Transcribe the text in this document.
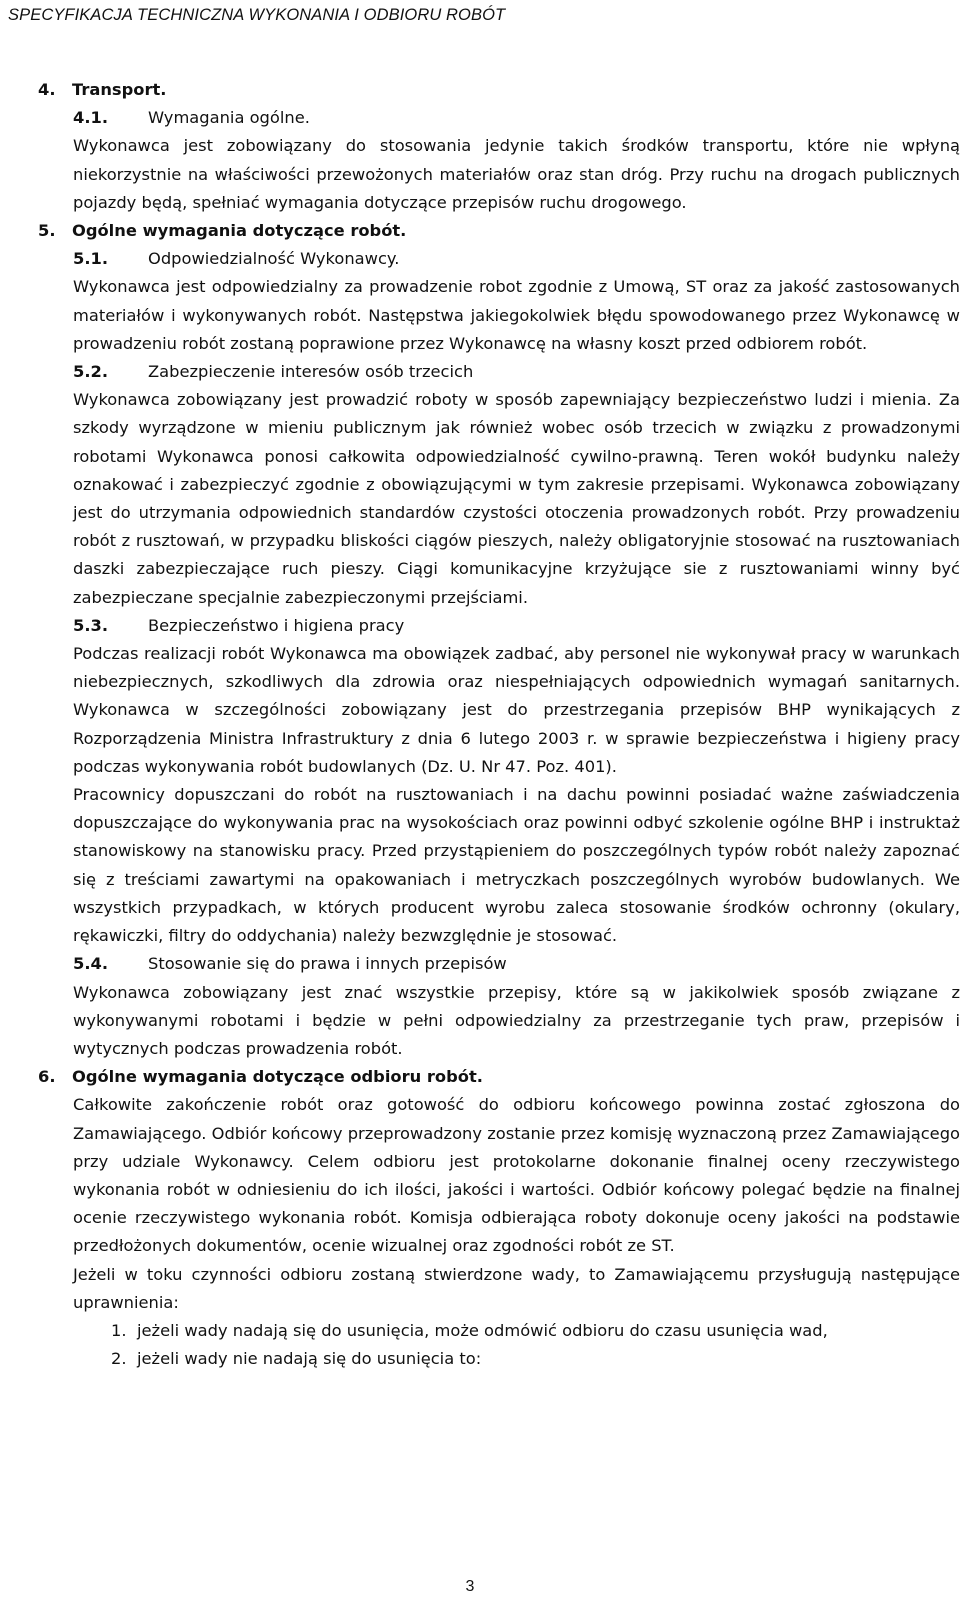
SPECYFIKACJA TECHNICZNA WYKONANIA I ODBIORU ROBÓT

4. Transport.

4.1. Wymagania ogólne.

Wykonawca jest zobowiązany do stosowania jedynie takich środków transportu, które nie wpłyną niekorzystnie na właściwości przewożonych materiałów oraz stan dróg. Przy ruchu na drogach publicznych pojazdy będą, spełniać wymagania dotyczące przepisów ruchu drogowego.

5. Ogólne wymagania dotyczące robót.

5.1. Odpowiedzialność Wykonawcy.

Wykonawca jest odpowiedzialny za prowadzenie robot zgodnie z Umową, ST oraz za jakość zastosowanych materiałów i wykonywanych robót. Następstwa jakiegokolwiek błędu spowodowanego przez Wykonawcę w prowadzeniu robót zostaną poprawione przez Wykonawcę na własny koszt przed odbiorem robót.

5.2. Zabezpieczenie interesów osób trzecich

Wykonawca zobowiązany jest prowadzić roboty w sposób zapewniający bezpieczeństwo ludzi i mienia. Za szkody wyrządzone w mieniu publicznym jak również wobec osób trzecich w związku z prowadzonymi robotami Wykonawca ponosi całkowita odpowiedzialność cywilno-prawną. Teren wokół budynku należy oznakować i zabezpieczyć zgodnie z obowiązującymi w tym zakresie przepisami. Wykonawca zobowiązany jest do utrzymania odpowiednich standardów czystości otoczenia prowadzonych robót. Przy prowadzeniu robót z rusztowań, w przypadku bliskości ciągów pieszych, należy obligatoryjnie stosować na rusztowaniach daszki zabezpieczające ruch pieszy. Ciągi komunikacyjne krzyżujące sie z rusztowaniami winny być zabezpieczane specjalnie zabezpieczonymi przejściami.

5.3. Bezpieczeństwo i higiena pracy

Podczas realizacji robót Wykonawca ma obowiązek zadbać, aby personel nie wykonywał pracy w warunkach niebezpiecznych, szkodliwych dla zdrowia oraz niespełniających odpowiednich wymagań sanitarnych. Wykonawca w szczególności zobowiązany jest do przestrzegania przepisów BHP wynikających z Rozporządzenia Ministra Infrastruktury z dnia 6 lutego 2003 r. w sprawie bezpieczeństwa i higieny pracy podczas wykonywania robót budowlanych (Dz. U. Nr 47. Poz. 401).

Pracownicy dopuszczani do robót na rusztowaniach i na dachu powinni posiadać ważne zaświadczenia dopuszczające do wykonywania prac na wysokościach oraz powinni odbyć szkolenie ogólne BHP i instruktaż stanowiskowy na stanowisku pracy. Przed przystąpieniem do poszczególnych typów robót należy zapoznać się z treściami zawartymi na opakowaniach i metryczkach poszczególnych wyrobów budowlanych. We wszystkich przypadkach, w których producent wyrobu zaleca stosowanie środków ochronny (okulary, rękawiczki, filtry do oddychania) należy bezwzględnie je stosować.

5.4. Stosowanie się do prawa i innych przepisów

Wykonawca zobowiązany jest znać wszystkie przepisy, które są w jakikolwiek sposób związane z wykonywanymi robotami i będzie w pełni odpowiedzialny za przestrzeganie tych praw, przepisów i wytycznych podczas prowadzenia robót.

6. Ogólne wymagania dotyczące odbioru robót.

Całkowite zakończenie robót oraz gotowość do odbioru końcowego powinna zostać zgłoszona do Zamawiającego. Odbiór końcowy przeprowadzony zostanie przez komisję wyznaczoną przez Zamawiającego przy udziale Wykonawcy. Celem odbioru jest protokolarne dokonanie finalnej oceny rzeczywistego wykonania robót w odniesieniu do ich ilości, jakości i wartości. Odbiór końcowy polegać będzie na finalnej ocenie rzeczywistego wykonania robót. Komisja odbierająca roboty dokonuje oceny jakości na podstawie przedłożonych dokumentów, ocenie wizualnej oraz zgodności robót ze ST.

Jeżeli w toku czynności odbioru zostaną stwierdzone wady, to Zamawiającemu przysługują następujące uprawnienia:

1. jeżeli wady nadają się do usunięcia, może odmówić odbioru do czasu usunięcia wad,

2. jeżeli wady nie nadają się do usunięcia to:

3
